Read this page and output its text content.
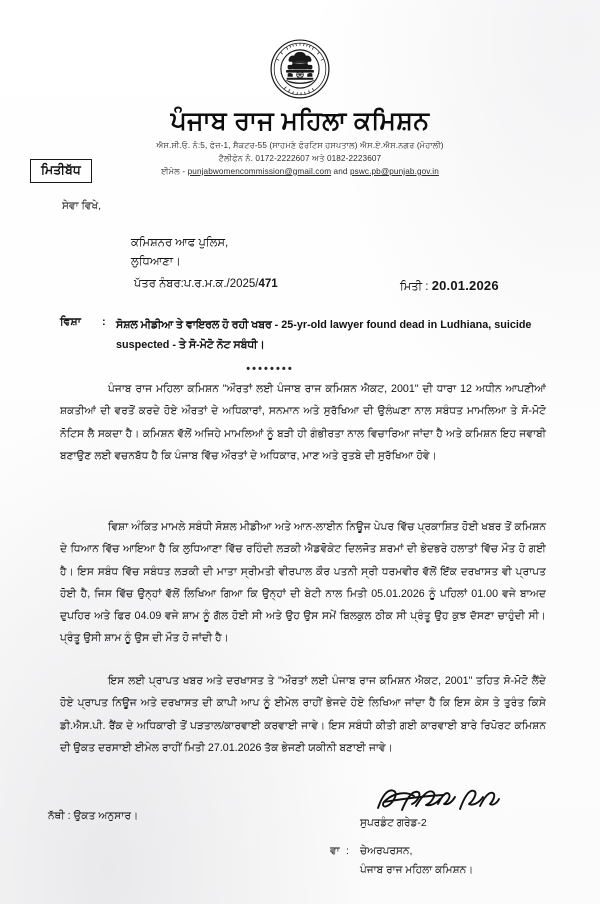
ਪੰਜਾਬ ਰਾਜ ਮਹਿਲਾ ਕਮਿਸ਼ਨ
ਐਸ.ਸੀ.ਓ. ਨੰ:5, ਫੇਜ਼-1, ਸੈਕਟਰ-55 (ਸਾਹਮਣੇ ਫੋਰਟਿਸ ਹਸਪਤਾਲ) ਐਸ.ਏ.ਐਸ.ਨਗਰ (ਮੋਹਾਲੀ)
ਟੈਲੀਫੋਨ ਨੰ. 0172-2222607 ਅਤੇ 0182-2223607
ਈਮੇਲ - punjabwomencommission@gmail.com and pswc.pb@punjab.gov.in
ਮਿਤੀਬੱਧ
ਸੇਵਾ ਵਿਖੇ,
ਕਮਿਸ਼ਨਰ ਆਫ ਪੁਲਿਸ,
ਲੁਧਿਆਣਾ।
ਪੱਤਰ ਨੰਬਰ:ਪ.ਰ.ਮ.ਕ./2025/471	ਮਿਤੀ : 20.01.2026
ਵਿਸ਼ਾ	: ਸੋਸ਼ਲ ਮੀਡੀਆ ਤੇ ਵਾਇਰਲ ਹੋ ਰਹੀ ਖਬਰ - 25-yr-old lawyer found dead in Ludhiana, suicide suspected - ਤੇ ਸੋ-ਮੋਟੋ ਨੋਟ ਸਬੰਧੀ।
••••••••

ਪੰਜਾਬ ਰਾਜ ਮਹਿਲਾ ਕਮਿਸ਼ਨ "ਔਰਤਾਂ ਲਈ ਪੰਜਾਬ ਰਾਜ ਕਮਿਸ਼ਨ ਐਕਟ, 2001" ਦੀ ਧਾਰਾ 12 ਅਧੀਨ ਆਪਣੀਆਂ ਸ਼ਕਤੀਆਂ ਦੀ ਵਰਤੋਂ ਕਰਦੇ ਹੋਏ ਔਰਤਾਂ ਦੇ ਅਧਿਕਾਰਾਂ, ਸਨਮਾਨ ਅਤੇ ਸੁਰੱਖਿਆ ਦੀ ਉਲੰਘਣਾ ਨਾਲ ਸਬੰਧਤ ਮਾਮਲਿਆ ਤੇ ਸੋ-ਮੋਟੋ ਨੋਟਿਸ ਲੈ ਸਕਦਾ ਹੈ। ਕਮਿਸ਼ਨ ਵੱਲੋਂ ਅਜਿਹੇ ਮਾਮਲਿਆਂ ਨੂੰ ਬੜੀ ਹੀ ਗੰਭੀਰਤਾ ਨਾਲ ਵਿਚਾਰਿਆ ਜਾਂਦਾ ਹੈ ਅਤੇ ਕਮਿਸ਼ਨ ਇਹ ਜਵਾਬੀ ਬਣਾਉਣ ਲਈ ਵਚਨਬੱਧ ਹੈ ਕਿ ਪੰਜਾਬ ਵਿੱਚ ਔਰਤਾਂ ਦੇ ਅਧਿਕਾਰ, ਮਾਣ ਅਤੇ ਰੁਤਬੇ ਦੀ ਸੁਰੱਖਿਆ ਹੋਵੇ।

ਵਿਸ਼ਾ ਅੰਕਿਤ ਮਾਮਲੇ ਸਬੰਧੀ ਸੋਸ਼ਲ ਮੀਡੀਆ ਅਤੇ ਆਨ-ਲਾਈਨ ਨਿਊਜ ਪੇਪਰ ਵਿੱਚ ਪ੍ਰਕਾਸ਼ਿਤ ਹੋਈ ਖਬਰ ਤੋਂ ਕਮਿਸ਼ਨ ਦੇ ਧਿਆਨ ਵਿੱਚ ਆਇਆ ਹੈ ਕਿ ਲੁਧਿਆਣਾ ਵਿੱਚ ਰਹਿੰਦੀ ਲੜਕੀ ਐਡਵੋਕੇਟ ਦਿਲਜੋਤ ਸ਼ਰਮਾਂ ਦੀ ਭੇਦਭਰੇ ਹਲਾਤਾਂ ਵਿੱਚ ਮੌਤ ਹੋ ਗਈ ਹੈ। ਇਸ ਸਬੰਧ ਵਿੱਚ ਸਬੰਧਤ ਲੜਕੀ ਦੀ ਮਾਤਾ ਸ੍ਰੀਮਤੀ ਵੀਰਪਾਲ ਕੌਰ ਪਤਨੀ ਸ੍ਰੀ ਧਰਮਵੀਰ ਵੱਲੋਂ ਇੱਕ ਦਰਖਾਸਤ ਵੀ ਪ੍ਰਾਪਤ ਹੋਈ ਹੈ, ਜਿਸ ਵਿੱਚ ਉਨ੍ਹਾਂ ਵੱਲੋਂ ਲਿਖਿਆ ਗਿਆ ਕਿ ਉਨ੍ਹਾਂ ਦੀ ਬੇਟੀ ਨਾਲ ਮਿਤੀ 05.01.2026 ਨੂੰ ਪਹਿਲਾਂ 01.00 ਵਜੇ ਬਾਅਦ ਦੁਪਹਿਰ ਅਤੇ ਫਿਰ 04.09 ਵਜੇ ਸ਼ਾਮ ਨੂੰ ਗੱਲ ਹੋਈ ਸੀ ਅਤੇ ਉਹ ਉਸ ਸਮੇਂ ਬਿਲਕੁਲ ਠੀਕ ਸੀ ਪ੍ਰੰਤੂ ਉਹ ਕੁਝ ਦੱਸਣਾ ਚਾਹੁੰਦੀ ਸੀ। ਪ੍ਰੰਤੂ ਉਸੀ ਸ਼ਾਮ ਨੂੰ ਉਸ ਦੀ ਮੌਤ ਹੋ ਜਾਂਦੀ ਹੈ।

ਇਸ ਲਈ ਪ੍ਰਾਪਤ ਖਬਰ ਅਤੇ ਦਰਖਾਸਤ ਤੇ "ਔਰਤਾਂ ਲਈ ਪੰਜਾਬ ਰਾਜ ਕਮਿਸ਼ਨ ਐਕਟ, 2001" ਤਹਿਤ ਸੋ-ਮੋਟੋ ਲੈਂਦੇ ਹੋਏ ਪ੍ਰਾਪਤ ਨਿਊਜ ਅਤੇ ਦਰਖਾਸਤ ਦੀ ਕਾਪੀ ਆਪ ਨੂੰ ਈਮੇਲ ਰਾਹੀਂ ਭੇਜਦੇ ਹੋਏ ਲਿਖਿਆ ਜਾਂਦਾ ਹੈ ਕਿ ਇਸ ਕੇਸ ਤੇ ਤੁਰੰਤ ਕਿਸੇ ਡੀ.ਐਸ.ਪੀ. ਰੈਂਕ ਦੇ ਅਧਿਕਾਰੀ ਤੋਂ ਪੜਤਾਲ/ਕਾਰਵਾਈ ਕਰਵਾਈ ਜਾਵੇ। ਇਸ ਸਬੰਧੀ ਕੀਤੀ ਗਈ ਕਾਰਵਾਈ ਬਾਰੇ ਰਿਪੋਰਟ ਕਮਿਸ਼ਨ ਦੀ ਉਕਤ ਦਰਸਾਈ ਈਮੇਲ ਰਾਹੀਂ ਮਿਤੀ 27.01.2026 ਤੱਕ ਭੇਜਣੀ ਯਕੀਨੀ ਬਣਾਈ ਜਾਵੇ।

ਨੱਥੀ : ਉਕਤ ਅਨੁਸਾਰ।
ਸੁਪਰਡੰਟ ਗਰੇਡ-2
ਵਾ :	ਚੇਅਰਪਰਸਨ,
ਪੰਜਾਬ ਰਾਜ ਮਹਿਲਾ ਕਮਿਸ਼ਨ।
